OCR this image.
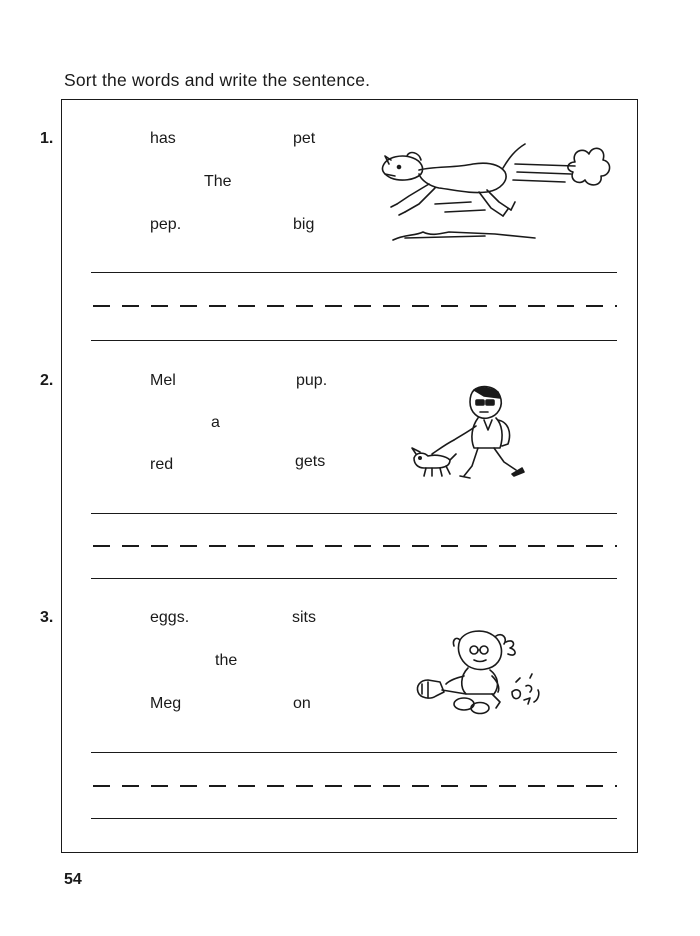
Sort the words and write the sentence.
1.	has	pet
The
pep.	big
2.	Mel	pup.
a
red	gets
3.	eggs.	sits
the
Meg	on
54
